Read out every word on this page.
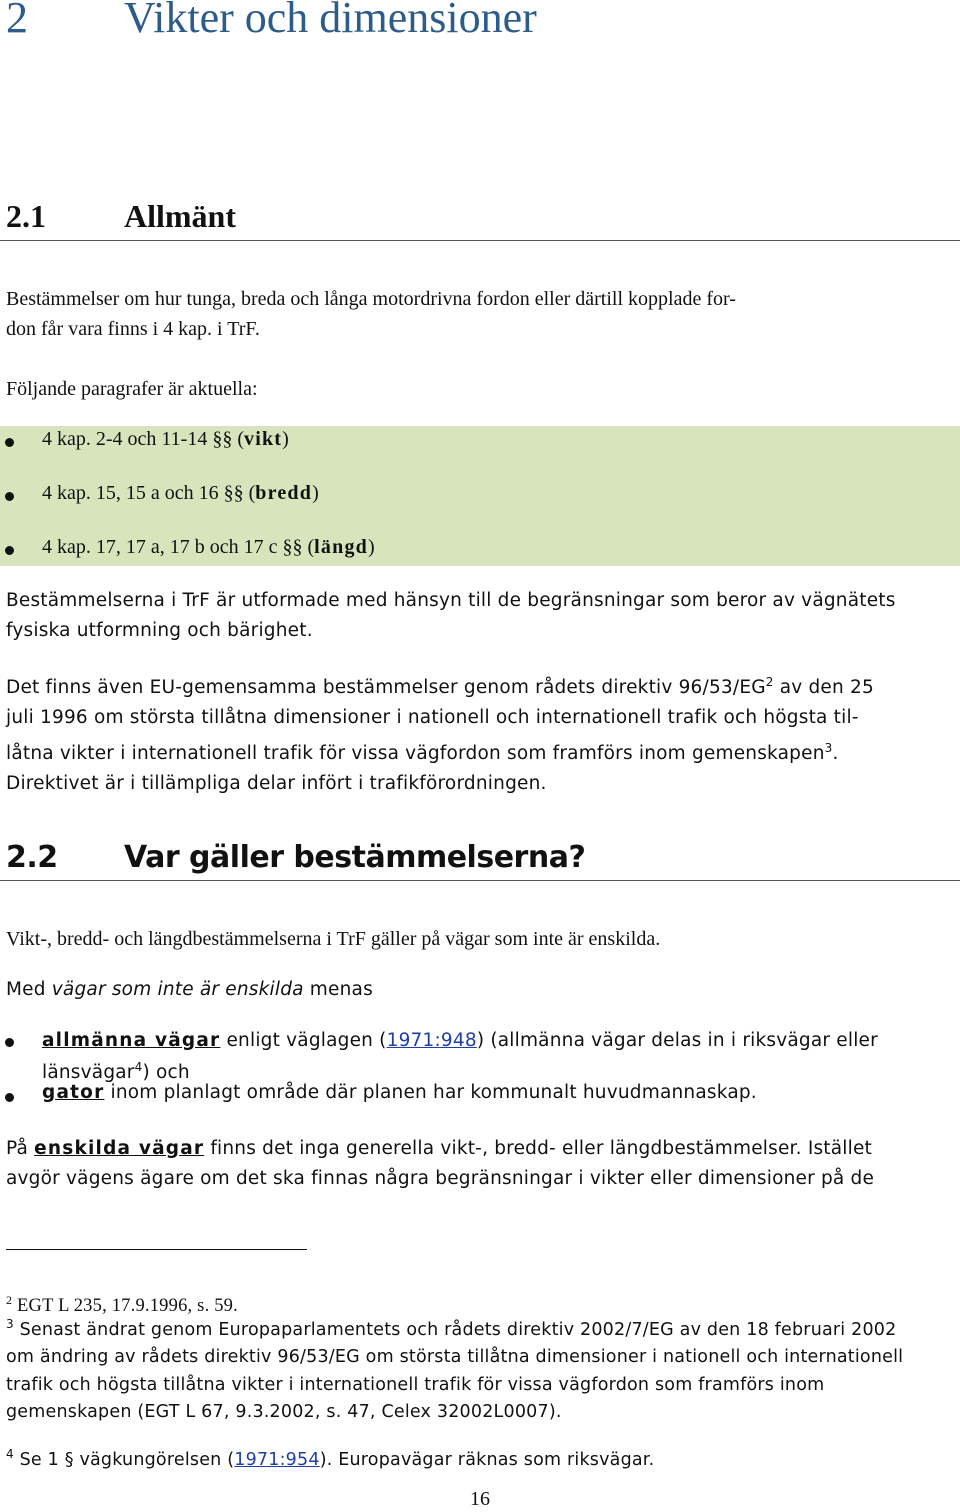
2 Vikter och dimensioner
2.1 Allmänt
Bestämmelser om hur tunga, breda och långa motordrivna fordon eller därtill kopplade for-
don får vara finns i 4 kap. i TrF.
Följande paragrafer är aktuella:
4 kap. 2-4 och 11-14 §§ (vikt)
4 kap. 15, 15 a och 16 §§ (bredd)
4 kap. 17, 17 a, 17 b och 17 c §§ (längd)
Bestämmelserna i TrF är utformade med hänsyn till de begränsningar som beror av vägnätets
fysiska utformning och bärighet.
Det finns även EU-gemensamma bestämmelser genom rådets direktiv $96/53/EG^2$ av den 25
juli 1996 om största tillåtna dimensioner i nationell och internationell trafik och högsta til-
låtna vikter i internationell trafik för vissa vägfordon som framförs inom gemenskapen$^3$.
Direktivet är i tillämpliga delar infört i trafikförordningen.
2.2 Var gäller bestämmelserna?
Vikt-, bredd- och längdbestämmelserna i TrF gäller på vägar som inte är enskilda.
Med vägar som inte är enskilda menas
allmänna vägar enligt väglagen (1971:948) (allmänna vägar delas in i riksvägar eller
länsvägar$^4$) och
gator inom planlagt område där planen har kommunalt huvudmannaskap.
På enskilda vägar finns det inga generella vikt-, bredd- eller längdbestämmelser. Istället
avgör vägens ägare om det ska finnas några begränsningar i vikter eller dimensioner på de
$^2$ EGT L 235, 17.9.1996, s. 59.
$^3$ Senast ändrat genom Europaparlamentets och rådets direktiv 2002/7/EG av den 18 februari 2002
om ändring av rådets direktiv 96/53/EG om största tillåtna dimensioner i nationell och internationell
trafik och högsta tillåtna vikter i internationell trafik för vissa vägfordon som framförs inom
gemenskapen (EGT L 67, 9.3.2002, s. 47, Celex 32002L0007).
$^4$ Se 1 § vägkungörelsen (1971:954). Europavägar räknas som riksvägar.
16
